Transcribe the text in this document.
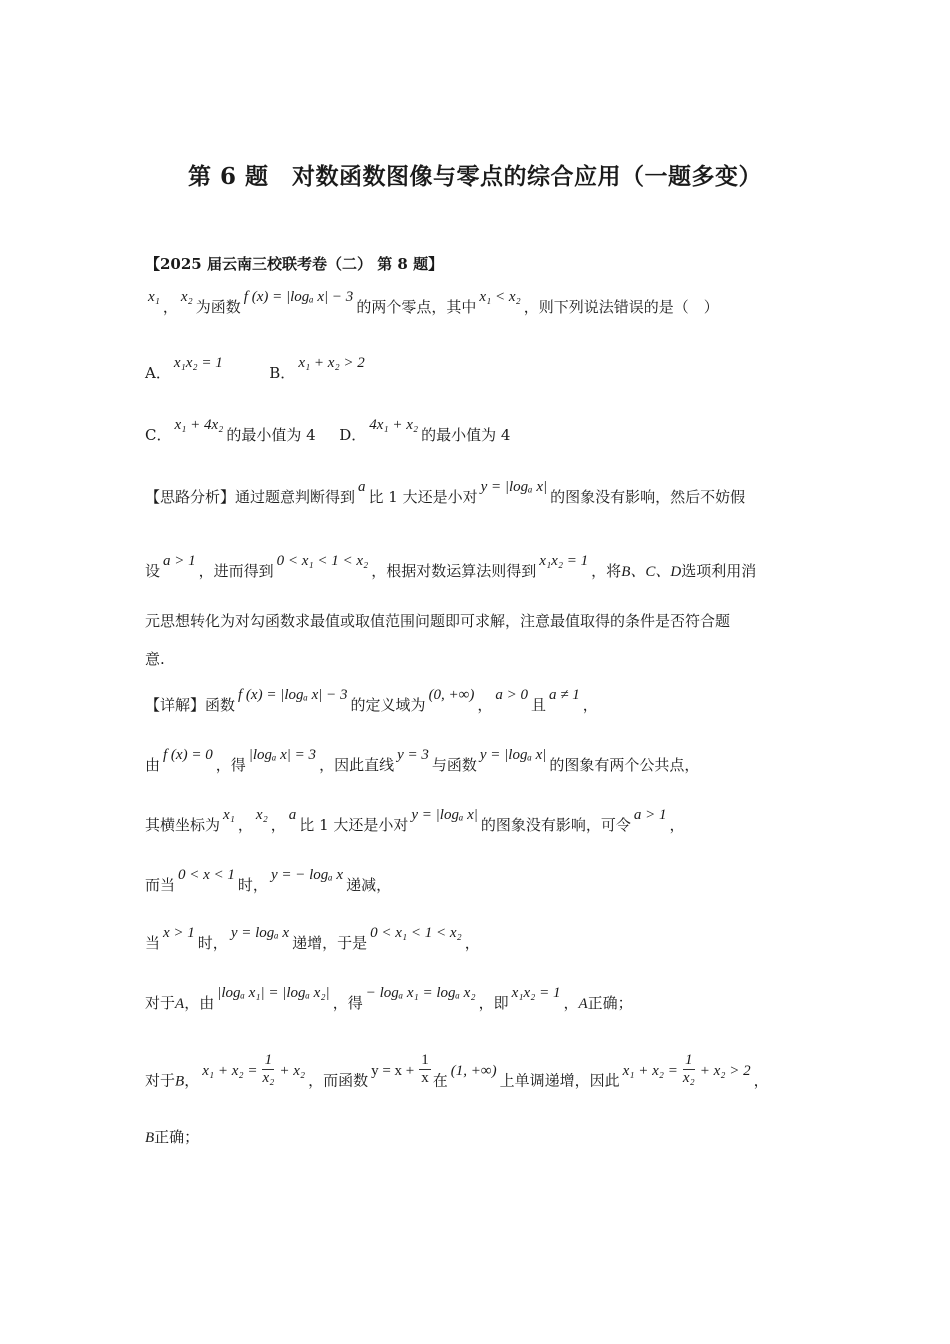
第 6 题　对数函数图像与零点的综合应用（一题多变）
【2025 届云南三校联考卷（二） 第 8 题】
x₁，x₂为函数f (x) = |logₐ x| − 3的两个零点，其中x₁ < x₂，则下列说法错误的是（　）
A．x₁x₂ = 1  B．x₁ + x₂ > 2
C．x₁ + 4x₂的最小值为 4 D．4x₁ + x₂的最小值为 4
【思路分析】通过题意判断得到a比 1 大还是小对y = |logₐ x|的图象没有影响，然后不妨假
设a > 1，进而得到0 < x₁ < 1 < x₂，根据对数运算法则得到x₁x₂ = 1，将B、C、D选项利用消
元思想转化为对勾函数求最值或取值范围问题即可求解，注意最值取得的条件是否符合题
意.
【详解】函数f (x) = |logₐ x| − 3的定义域为(0, +∞)，a > 0且a ≠ 1，
由f (x) = 0，得|logₐ x| = 3，因此直线y = 3与函数y = |logₐ x|的图象有两个公共点，
其横坐标为x₁，x₂，a比 1 大还是小对y = |logₐ x|的图象没有影响，可令a > 1，
而当0 < x < 1时，y = − logₐ x递减，
当x > 1时，y = logₐ x递增，于是0 < x₁ < 1 < x₂，
对于A，由|logₐ x₁| = |logₐ x₂|，得− logₐ x₁ = logₐ x₂，即x₁x₂ = 1，A正确；
对于B，$x_1 + x_2 = \frac{1}{\text{x₂}} + x_2$，而函数$y = x + \frac{1}{x}$ 在(1, +∞)上单调递增，因此$x_1 + x_2 = \frac{1}{\text{x₂}} + x_2 > 2$，
B正确；
